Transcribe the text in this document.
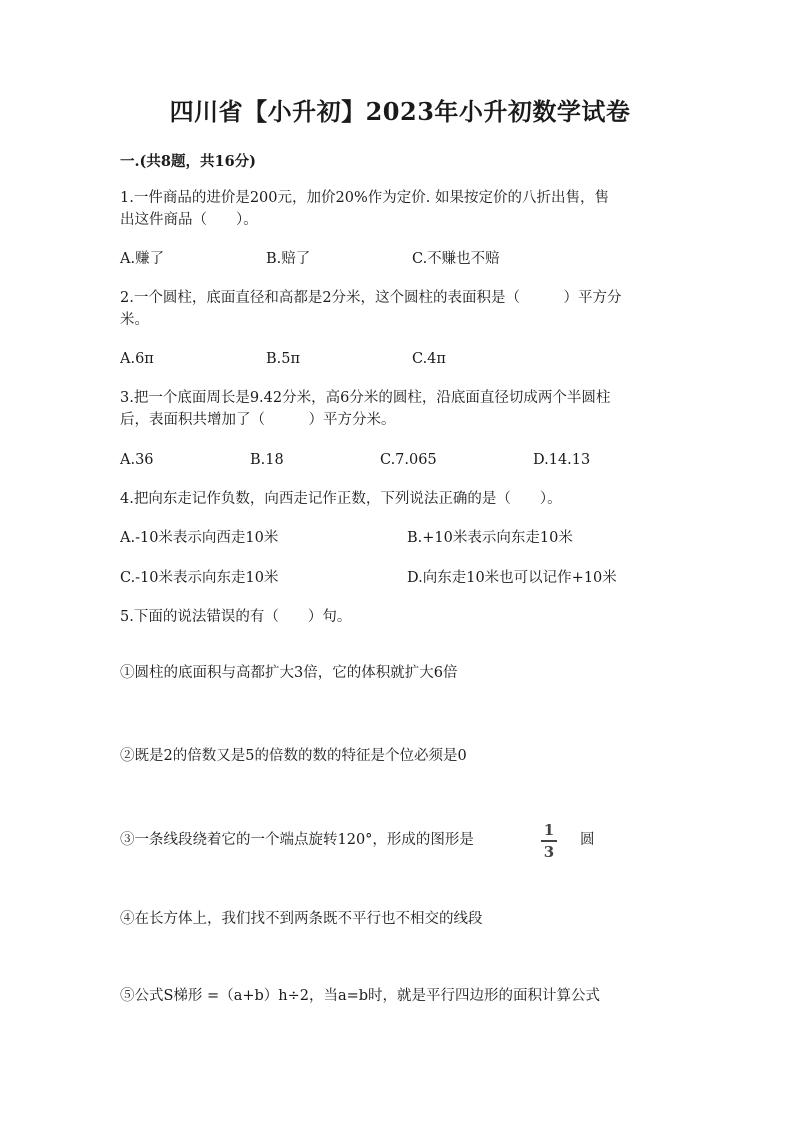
四川省【小升初】2023年小升初数学试卷
一.(共8题，共16分)
1.一件商品的进价是200元，加价20%作为定价. 如果按定价的八折出售，售
出这件商品（　　）。
A.赚了	B.赔了	C.不赚也不赔
2.一个圆柱，底面直径和高都是2分米，这个圆柱的表面积是（　　　）平方分
米。
A.6π	B.5π	C.4π
3.把一个底面周长是9.42分米，高6分米的圆柱，沿底面直径切成两个半圆柱
后，表面积共增加了（　　　）平方分米。
A.36	B.18	C.7.065	D.14.13
4.把向东走记作负数，向西走记作正数，下列说法正确的是（　　）。
A.-10米表示向西走10米	B.+10米表示向东走10米
C.-10米表示向东走10米	D.向东走10米也可以记作+10米
5.下面的说法错误的有（　　）句。
①圆柱的底面积与高都扩大3倍，它的体积就扩大6倍
②既是2的倍数又是5的倍数的数的特征是个位必须是0
③一条线段绕着它的一个端点旋转120°，形成的图形是
1
3
圆
④在长方体上，我们找不到两条既不平行也不相交的线段
⑤公式S梯形 =（a+b）h÷2，当a=b时，就是平行四边形的面积计算公式
